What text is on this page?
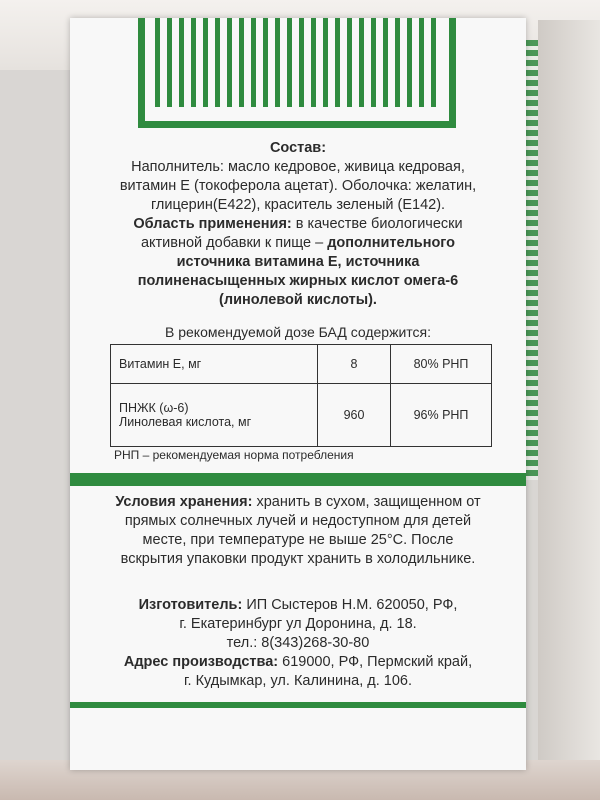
Состав:

Наполнитель: масло кедровое, живица кедровая,

витамин Е (токоферола ацетат). Оболочка: желатин,

глицерин(Е422), краситель зеленый (Е142).

Область применения: в качестве биологически

активной добавки к пище – дополнительного

источника витамина Е, источника

полиненасыщенных жирных кислот омега-6

(линолевой кислоты).

В рекомендуемой дозе БАД содержится:
Витамин Е, мг	8	80% РНП

ПНЖК (ω-6)
Линолевая кислота, мг	960	96% РНП
РНП – рекомендуемая норма потребления
Условия хранения: хранить в сухом, защищенном от
прямых солнечных лучей и недоступном для детей
месте, при температуре не выше 25°С. После
вскрытия упаковки продукт хранить в холодильнике.
Изготовитель: ИП Сыстеров Н.М. 620050, РФ,
г. Екатеринбург ул Доронина, д. 18.
тел.: 8(343)268-30-80
Адрес производства: 619000, РФ, Пермский край,
г. Кудымкар, ул. Калинина, д. 106.
